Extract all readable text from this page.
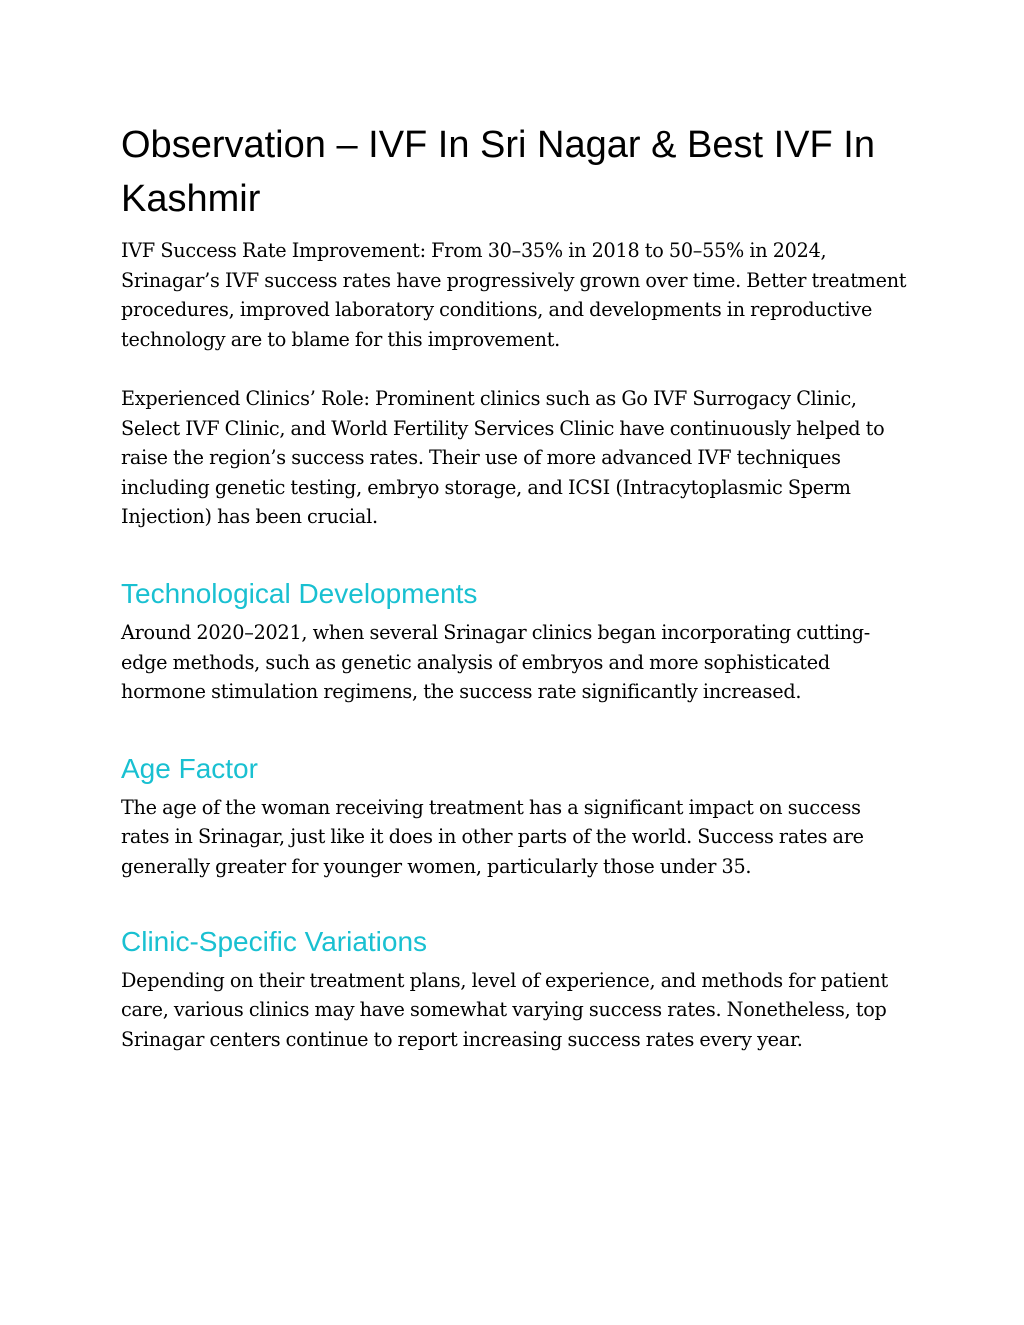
Observation – IVF In Sri Nagar & Best IVF In Kashmir

IVF Success Rate Improvement: From 30–35% in 2018 to 50–55% in 2024, Srinagar’s IVF success rates have progressively grown over time. Better treatment procedures, improved laboratory conditions, and developments in reproductive technology are to blame for this improvement.

Experienced Clinics’ Role: Prominent clinics such as Go IVF Surrogacy Clinic, Select IVF Clinic, and World Fertility Services Clinic have continuously helped to raise the region’s success rates. Their use of more advanced IVF techniques including genetic testing, embryo storage, and ICSI (Intracytoplasmic Sperm Injection) has been crucial.

Technological Developments

Around 2020–2021, when several Srinagar clinics began incorporating cutting-edge methods, such as genetic analysis of embryos and more sophisticated hormone stimulation regimens, the success rate significantly increased.

Age Factor

The age of the woman receiving treatment has a significant impact on success rates in Srinagar, just like it does in other parts of the world. Success rates are generally greater for younger women, particularly those under 35.

Clinic-Specific Variations

Depending on their treatment plans, level of experience, and methods for patient care, various clinics may have somewhat varying success rates. Nonetheless, top Srinagar centers continue to report increasing success rates every year.
